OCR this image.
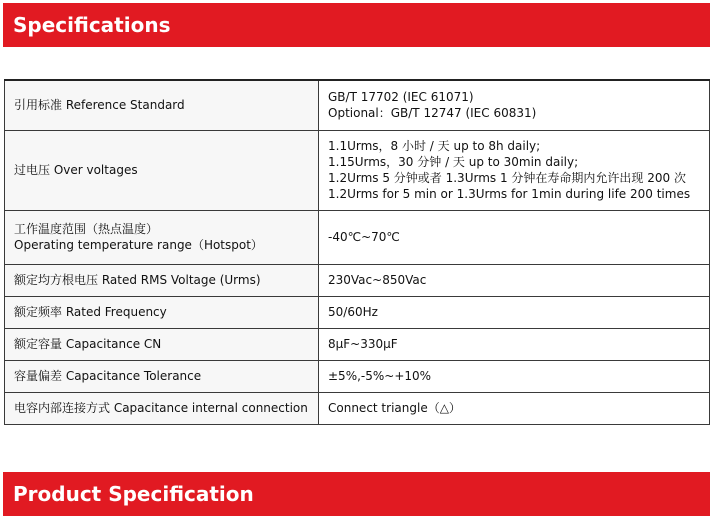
Specifications
引用标准 Reference Standard	GB/T 17702 (IEC 61071)
Optional：GB/T 12747 (IEC 60831)

过电压 Over voltages	1.1Urms，8 小时 / 天 up to 8h daily;
1.15Urms，30 分钟 / 天 up to 30min daily;
1.2Urms 5 分钟或者 1.3Urms 1 分钟在寿命期内允许出现 200 次
1.2Urms for 5 min or 1.3Urms for 1min during life 200 times

工作温度范围（热点温度）
Operating temperature range（Hotspot）	-40℃~70℃

额定均方根电压 Rated RMS Voltage (Urms)	230Vac~850Vac

额定频率 Rated Frequency	50/60Hz

额定容量 Capacitance CN	8μF~330μF

容量偏差 Capacitance Tolerance	±5%,-5%~+10%

电容内部连接方式 Capacitance internal connection	Connect triangle（△）
Product Specification
